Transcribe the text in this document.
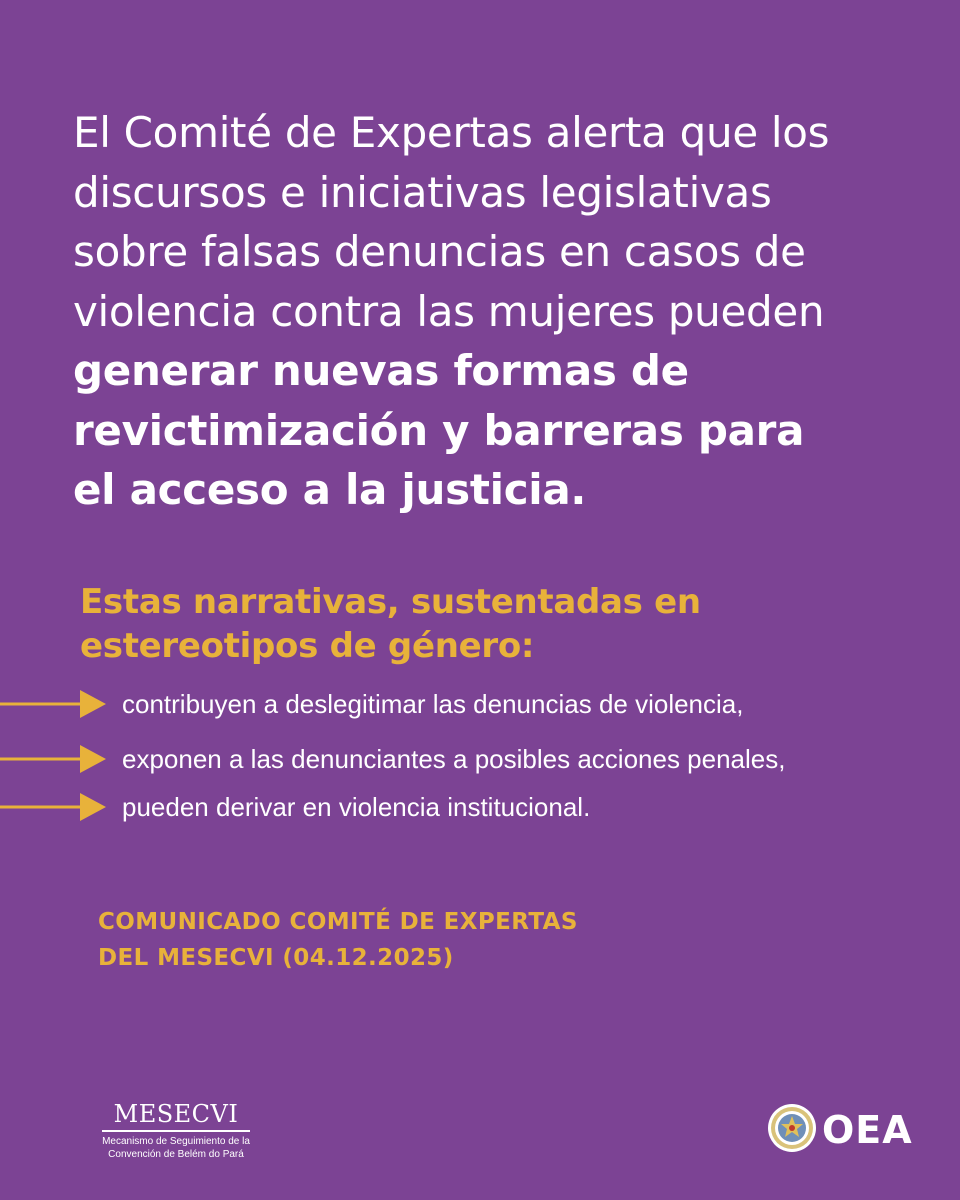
El Comité de Expertas alerta que los
discursos e iniciativas legislativas
sobre falsas denuncias en casos de
violencia contra las mujeres pueden
generar nuevas formas de
revictimización y barreras para
el acceso a la justicia.
Estas narrativas, sustentadas en
estereotipos de género:
contribuyen a deslegitimar las denuncias de violencia,
exponen a las denunciantes a posibles acciones penales,
pueden derivar en violencia institucional.
COMUNICADO COMITÉ DE EXPERTAS
DEL MESECVI (04.12.2025)
MESECVI
Mecanismo de Seguimiento de la
Convención de Belém do Pará
OEA
